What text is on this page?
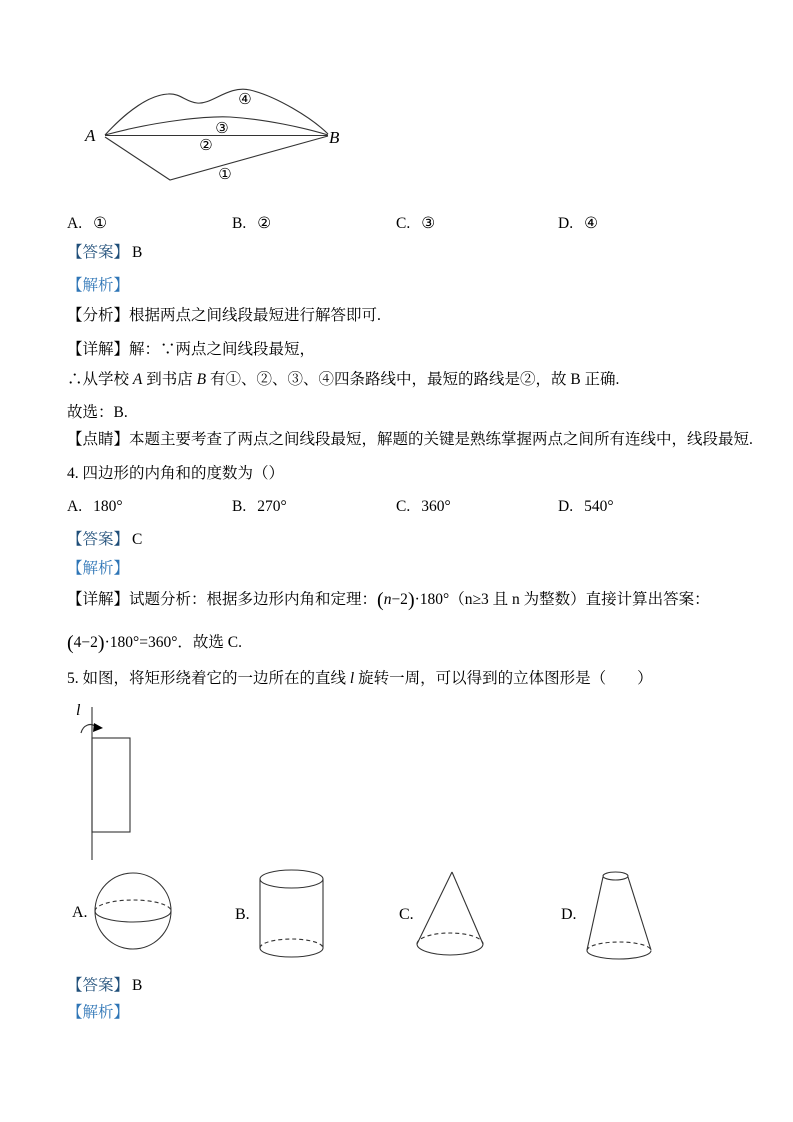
A	B
④
③
②
①
A. ①	B. ②	C. ③	D. ④
【答案】 B
【解析】
【分析】根据两点之间线段最短进行解答即可.
【详解】解：∵两点之间线段最短，
∴从学校 A 到书店 B 有①、②、③、④四条路线中，最短的路线是②，故 B 正确.
故选：B.
【点睛】本题主要考查了两点之间线段最短，解题的关键是熟练掌握两点之间所有连线中，线段最短.
4. 四边形的内角和的度数为（）
A. 180°	B. 270°	C. 360°	D. 540°
【答案】 C
【解析】
【详解】试题分析：根据多边形内角和定理：(n−2)·180°（n≥3 且 n 为整数）直接计算出答案：
(4−2)·180°=360°．故选 C.
5. 如图，将矩形绕着它的一边所在的直线 l 旋转一周，可以得到的立体图形是（　　）
l
A.	B.	C.	D.
【答案】 B
【解析】
